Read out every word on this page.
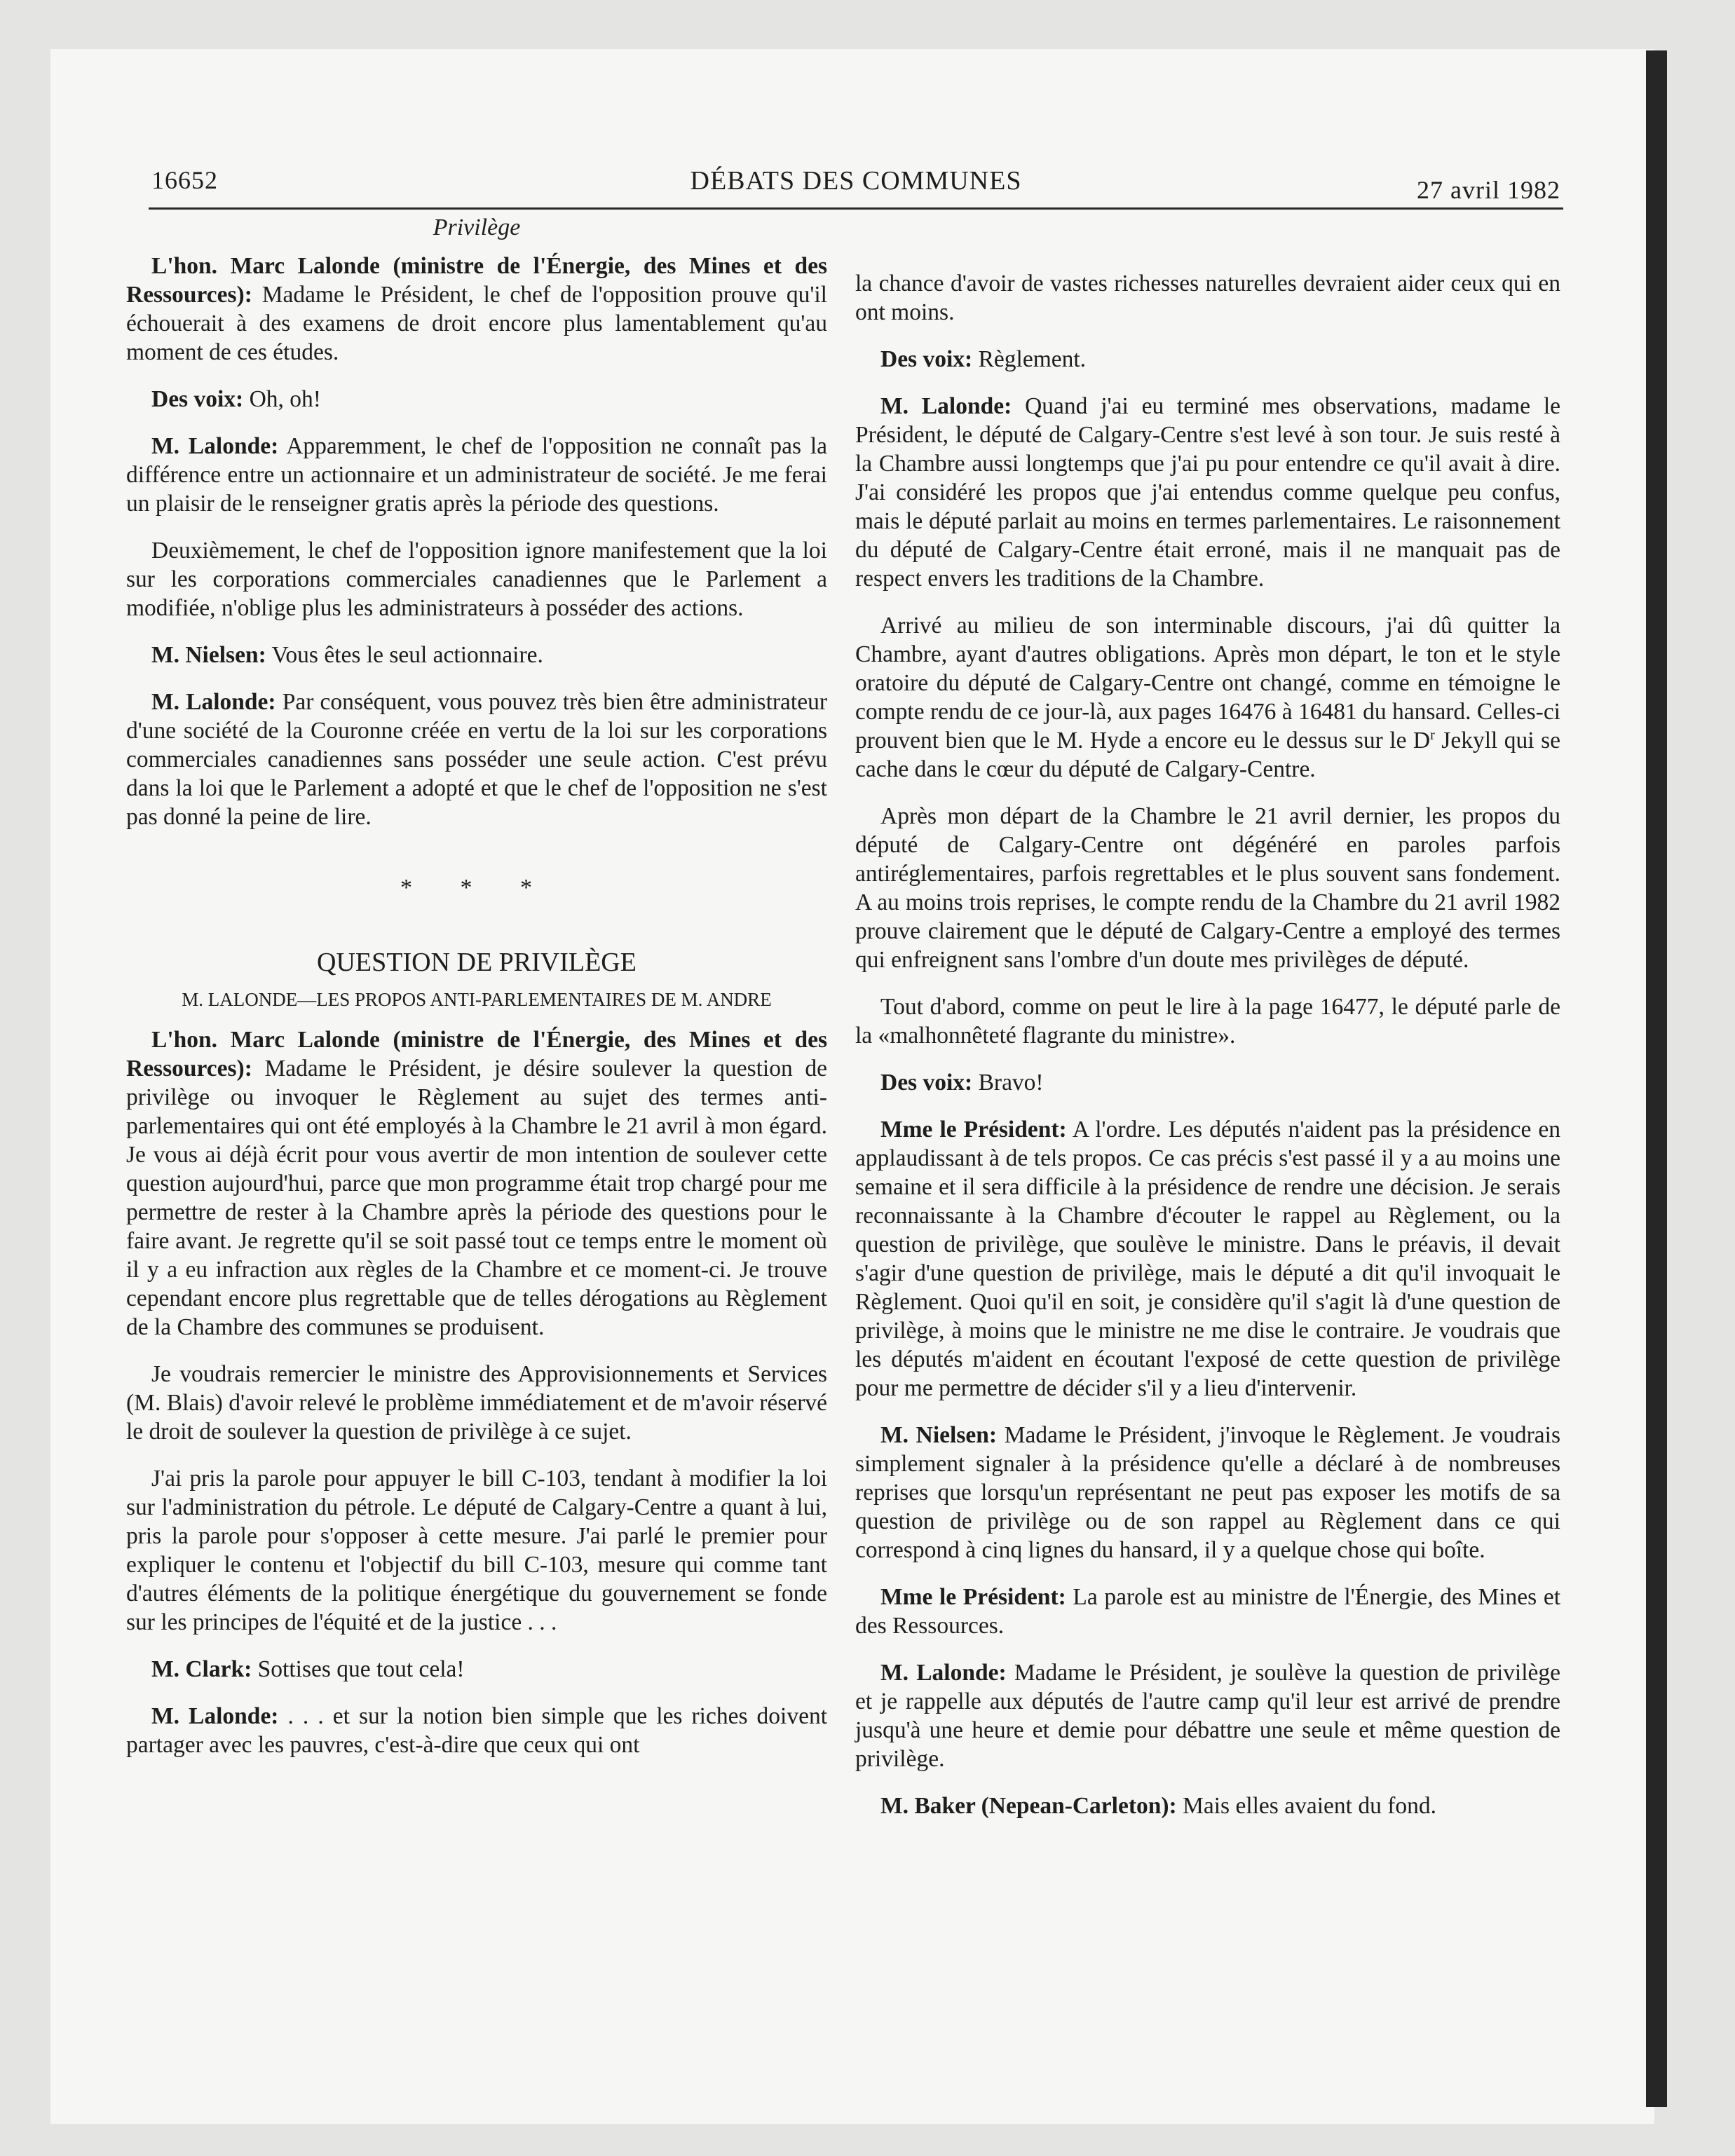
16652	DÉBATS DES COMMUNES	27 avril 1982
Privilège

L'hon. Marc Lalonde (ministre de l'Énergie, des Mines et des Ressources): Madame le Président, le chef de l'opposition prouve qu'il échouerait à des examens de droit encore plus lamentablement qu'au moment de ces études.

Des voix: Oh, oh!

M. Lalonde: Apparemment, le chef de l'opposition ne connaît pas la différence entre un actionnaire et un administrateur de société. Je me ferai un plaisir de le renseigner gratis après la période des questions.

Deuxièmement, le chef de l'opposition ignore manifestement que la loi sur les corporations commerciales canadiennes que le Parlement a modifiée, n'oblige plus les administrateurs à posséder des actions.

M. Nielsen: Vous êtes le seul actionnaire.

M. Lalonde: Par conséquent, vous pouvez très bien être administrateur d'une société de la Couronne créée en vertu de la loi sur les corporations commerciales canadiennes sans posséder une seule action. C'est prévu dans la loi que le Parlement a adopté et que le chef de l'opposition ne s'est pas donné la peine de lire.

* * *
QUESTION DE PRIVILÈGE
M. LALONDE—LES PROPOS ANTI-PARLEMENTAIRES DE M. ANDRE

L'hon. Marc Lalonde (ministre de l'Énergie, des Mines et des Ressources): Madame le Président, je désire soulever la question de privilège ou invoquer le Règlement au sujet des termes anti-parlementaires qui ont été employés à la Chambre le 21 avril à mon égard. Je vous ai déjà écrit pour vous avertir de mon intention de soulever cette question aujourd'hui, parce que mon programme était trop chargé pour me permettre de rester à la Chambre après la période des questions pour le faire avant. Je regrette qu'il se soit passé tout ce temps entre le moment où il y a eu infraction aux règles de la Chambre et ce moment-ci. Je trouve cependant encore plus regrettable que de telles dérogations au Règlement de la Chambre des communes se produisent.

Je voudrais remercier le ministre des Approvisionnements et Services (M. Blais) d'avoir relevé le problème immédiatement et de m'avoir réservé le droit de soulever la question de privilège à ce sujet.

J'ai pris la parole pour appuyer le bill C-103, tendant à modifier la loi sur l'administration du pétrole. Le député de Calgary-Centre a quant à lui, pris la parole pour s'opposer à cette mesure. J'ai parlé le premier pour expliquer le contenu et l'objectif du bill C-103, mesure qui comme tant d'autres éléments de la politique énergétique du gouvernement se fonde sur les principes de l'équité et de la justice . . .

M. Clark: Sottises que tout cela!

M. Lalonde: . . . et sur la notion bien simple que les riches doivent partager avec les pauvres, c'est-à-dire que ceux qui ont

la chance d'avoir de vastes richesses naturelles devraient aider ceux qui en ont moins.

Des voix: Règlement.

M. Lalonde: Quand j'ai eu terminé mes observations, madame le Président, le député de Calgary-Centre s'est levé à son tour. Je suis resté à la Chambre aussi longtemps que j'ai pu pour entendre ce qu'il avait à dire. J'ai considéré les propos que j'ai entendus comme quelque peu confus, mais le député parlait au moins en termes parlementaires. Le raisonnement du député de Calgary-Centre était erroné, mais il ne manquait pas de respect envers les traditions de la Chambre.

Arrivé au milieu de son interminable discours, j'ai dû quitter la Chambre, ayant d'autres obligations. Après mon départ, le ton et le style oratoire du député de Calgary-Centre ont changé, comme en témoigne le compte rendu de ce jour-là, aux pages 16476 à 16481 du hansard. Celles-ci prouvent bien que le M. Hyde a encore eu le dessus sur le $D^r$ Jekyll qui se cache dans le cœur du député de Calgary-Centre.

Après mon départ de la Chambre le 21 avril dernier, les propos du député de Calgary-Centre ont dégénéré en paroles parfois antiréglementaires, parfois regrettables et le plus souvent sans fondement. A au moins trois reprises, le compte rendu de la Chambre du 21 avril 1982 prouve clairement que le député de Calgary-Centre a employé des termes qui enfreignent sans l'ombre d'un doute mes privilèges de député.

Tout d'abord, comme on peut le lire à la page 16477, le député parle de la «malhonnêteté flagrante du ministre».

Des voix: Bravo!

Mme le Président: A l'ordre. Les députés n'aident pas la présidence en applaudissant à de tels propos. Ce cas précis s'est passé il y a au moins une semaine et il sera difficile à la présidence de rendre une décision. Je serais reconnaissante à la Chambre d'écouter le rappel au Règlement, ou la question de privilège, que soulève le ministre. Dans le préavis, il devait s'agir d'une question de privilège, mais le député a dit qu'il invoquait le Règlement. Quoi qu'il en soit, je considère qu'il s'agit là d'une question de privilège, à moins que le ministre ne me dise le contraire. Je voudrais que les députés m'aident en écoutant l'exposé de cette question de privilège pour me permettre de décider s'il y a lieu d'intervenir.

M. Nielsen: Madame le Président, j'invoque le Règlement. Je voudrais simplement signaler à la présidence qu'elle a déclaré à de nombreuses reprises que lorsqu'un représentant ne peut pas exposer les motifs de sa question de privilège ou de son rappel au Règlement dans ce qui correspond à cinq lignes du hansard, il y a quelque chose qui boîte.

Mme le Président: La parole est au ministre de l'Énergie, des Mines et des Ressources.

M. Lalonde: Madame le Président, je soulève la question de privilège et je rappelle aux députés de l'autre camp qu'il leur est arrivé de prendre jusqu'à une heure et demie pour débattre une seule et même question de privilège.

M. Baker (Nepean-Carleton): Mais elles avaient du fond.
